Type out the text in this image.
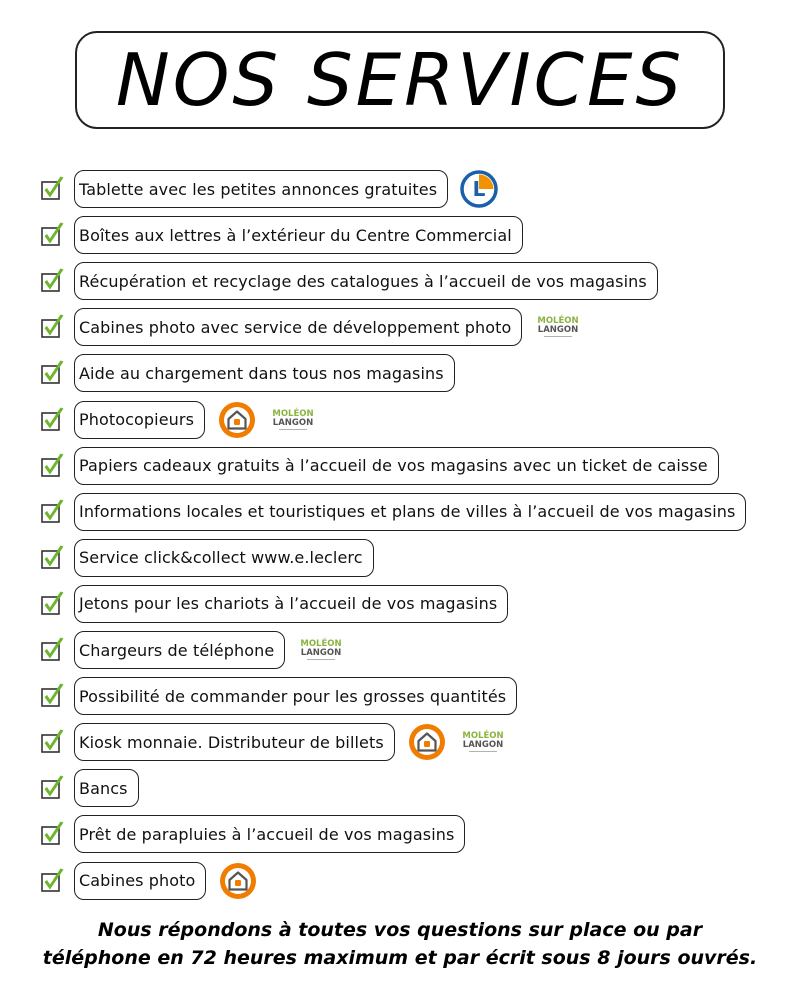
NOS SERVICES
Tablette avec les petites annonces gratuites	L
Boîtes aux lettres à l’extérieur du Centre Commercial
Récupération et recyclage des catalogues à l’accueil de vos magasins
Cabines photo avec service de développement photo	MOLÉON
LANGON
Aide au chargement dans tous nos magasins
Photocopieurs	MOLÉON
LANGON
Papiers cadeaux gratuits à l’accueil de vos magasins avec un ticket de caisse
Informations locales et touristiques et plans de villes à l’accueil de vos magasins
Service click&collect www.e.leclerc
Jetons pour les chariots à l’accueil de vos magasins
Chargeurs de téléphone	MOLÉON
LANGON
Possibilité de commander pour les grosses quantités
Kiosk monnaie. Distributeur de billets	MOLÉON
LANGON
Bancs
Prêt de parapluies à l’accueil de vos magasins
Cabines photo
Nous répondons à toutes vos questions sur place ou par
téléphone en 72 heures maximum et par écrit sous 8 jours ouvrés.
